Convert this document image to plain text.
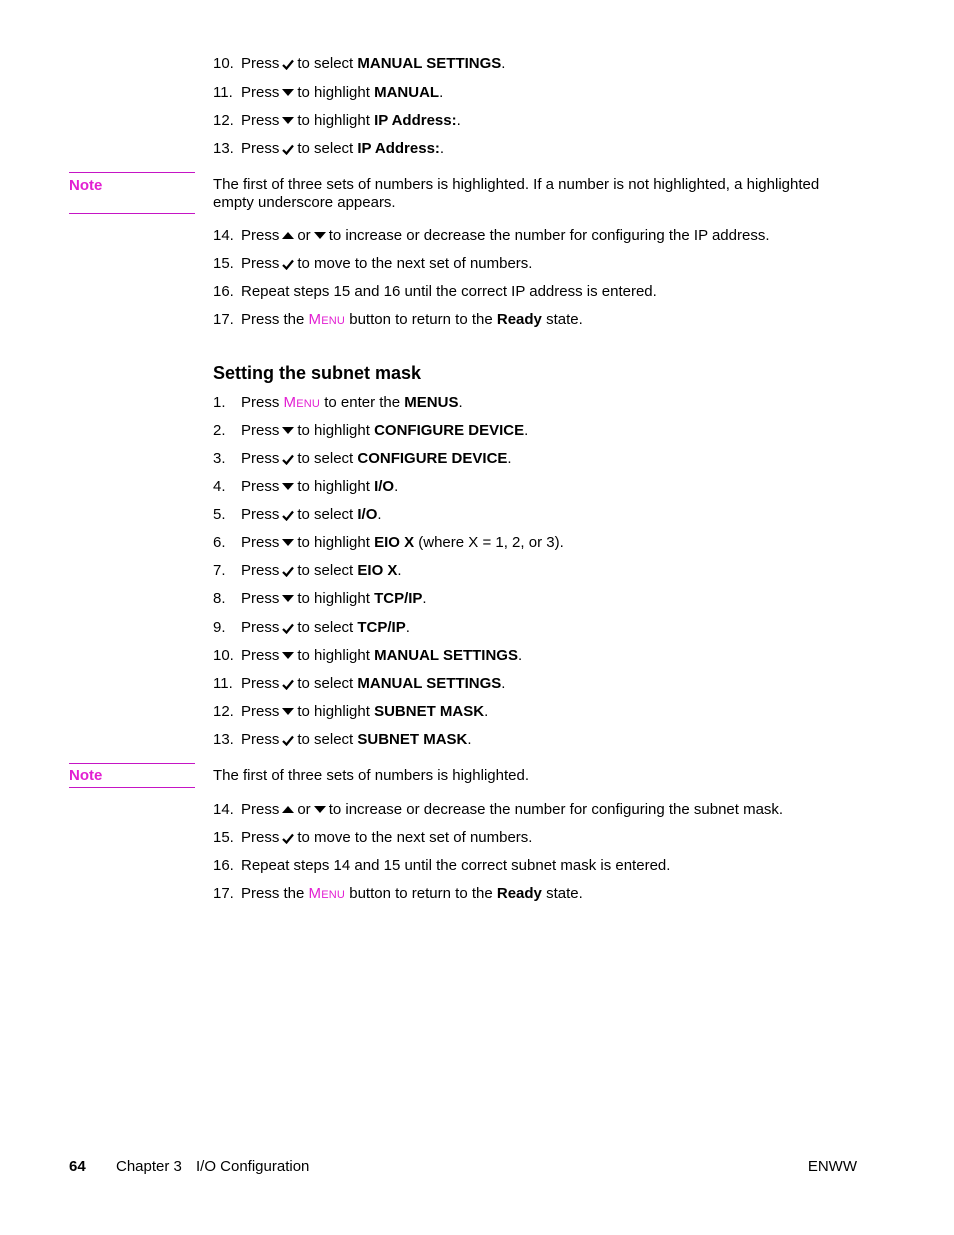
10. Press to select MANUAL SETTINGS.
11. Press to highlight MANUAL.
12. Press to highlight IP Address:.
13. Press to select IP Address:.
Note	The first of three sets of numbers is highlighted. If a number is not highlighted, a highlighted empty underscore appears.
14. Press or to increase or decrease the number for configuring the IP address.
15. Press to move to the next set of numbers.
16. Repeat steps 15 and 16 until the correct IP address is entered.
17. Press the Menu button to return to the Ready state.
Setting the subnet mask
1.	Press Menu to enter the MENUS.
2.	Press to highlight CONFIGURE DEVICE.
3.	Press to select CONFIGURE DEVICE.
4.	Press to highlight I/O.
5.	Press to select I/O.
6.	Press to highlight EIO X (where X = 1, 2, or 3).
7.	Press to select EIO X.
8.	Press to highlight TCP/IP.
9.	Press to select TCP/IP.
10. Press to highlight MANUAL SETTINGS.
11. Press to select MANUAL SETTINGS.
12. Press to highlight SUBNET MASK.
13. Press to select SUBNET MASK.
Note	The first of three sets of numbers is highlighted.
14. Press or to increase or decrease the number for configuring the subnet mask.
15. Press to move to the next set of numbers.
16. Repeat steps 14 and 15 until the correct subnet mask is entered.
17. Press the Menu button to return to the Ready state.
64 Chapter 3 I/O Configuration	ENWW
